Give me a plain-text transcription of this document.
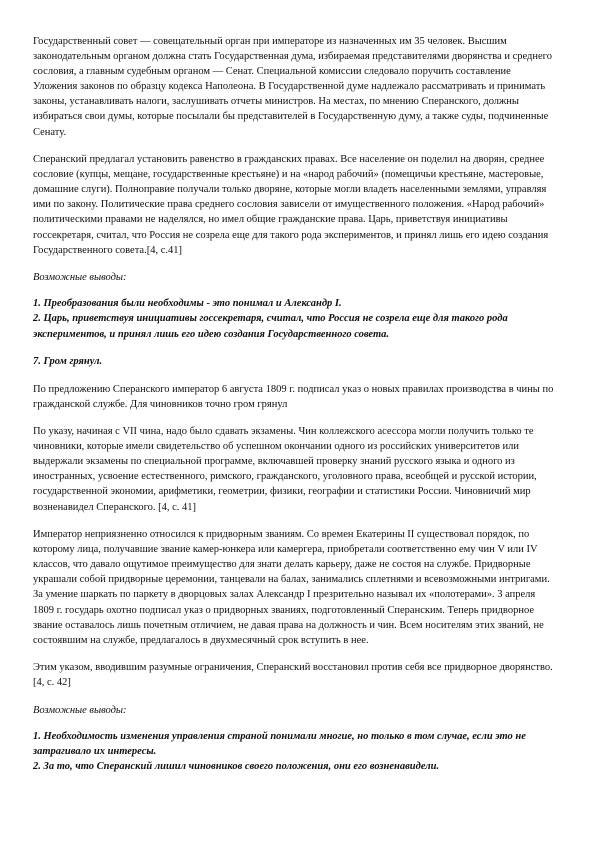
Государственный совет — совещательный орган при императоре из назначенных им 35 человек. Высшим законодательным органом должна стать Государственная дума, избираемая представителями дворянства и среднего сословия, а главным судебным органом — Сенат. Специальной комиссии следовало поручить составление Уложения законов по образцу кодекса Наполеона. В Государственной думе надлежало рассматривать и принимать законы, устанавливать налоги, заслушивать отчеты министров. На местах, по мнению Сперанского, должны избираться свои думы, которые посылали бы представителей в Государственную думу, а также суды, подчиненные Сенату.

Сперанский предлагал установить равенство в гражданских правах. Все население он поделил на дворян, среднее сословие (купцы, мещане, государственные крестьяне) и на «народ рабочий» (помещичьи крестьяне, мастеровые, домашние слуги). Полноправие получали только дворяне, которые могли владеть населенными землями, управляя ими по закону. Политические права среднего сословия зависели от имущественного положения. «Народ рабочий» политическими правами не наделялся, но имел общие гражданские права. Царь, приветствуя инициативы госсекретаря, считал, что Россия не созрела еще для такого рода экспериментов, и принял лишь его идею создания Государственного совета.[4, с.41]

Возможные выводы:

1. Преобразования были необходимы - это понимал и Александр I.

2. Царь, приветствуя инициативы госсекретаря, считал, что Россия не созрела еще для такого рода экспериментов, и принял лишь его идею создания Государственного совета.

7. Гром грянул.

По предложению Сперанского император 6 августа 1809 г. подписал указ о новых правилах производства в чины по гражданской службе. Для чиновников точно гром грянул

По указу, начиная с VII чина, надо было сдавать экзамены. Чин коллежского асессора могли получить только те чиновники, которые имели свидетельство об успешном окончании одного из российских университетов или выдержали экзамены по специальной программе, включавшей проверку знаний русского языка и одного из иностранных, усвоение естественного, римского, гражданского, уголовного права, всеобщей и русской истории, государственной экономии, арифметики, геометрии, физики, географии и статистики России. Чиновничий мир возненавидел Сперанского. [4, с. 41]

Император неприязненно относился к придворным званиям. Со времен Екатерины II существовал порядок, по которому лица, получавшие звание камер-юнкера или камергера, приобретали соответственно ему чин V или IV классов, что давало ощутимое преимущество для знати делать карьеру, даже не состоя на службе. Придворные украшали собой придворные церемонии, танцевали на балах, занимались сплетнями и всевозможными интригами. За умение шаркать по паркету в дворцовых залах Александр I презрительно называл их «полотерами». 3 апреля 1809 г. государь охотно подписал указ о придворных званиях, подготовленный Сперанским. Теперь придворное звание оставалось лишь почетным отличием, не давая права на должность и чин. Всем носителям этих званий, не состоявшим на службе, предлагалось в двухмесячный срок вступить в нее.

Этим указом, вводившим разумные ограничения, Сперанский восстановил против себя все придворное дворянство.[4, с. 42]

Возможные выводы:

1. Необходимость изменения управления страной понимали многие, но только в том случае, если это не затрагивало их интересы.

2. За то, что Сперанский лишил чиновников своего положения, они его возненавидели.
